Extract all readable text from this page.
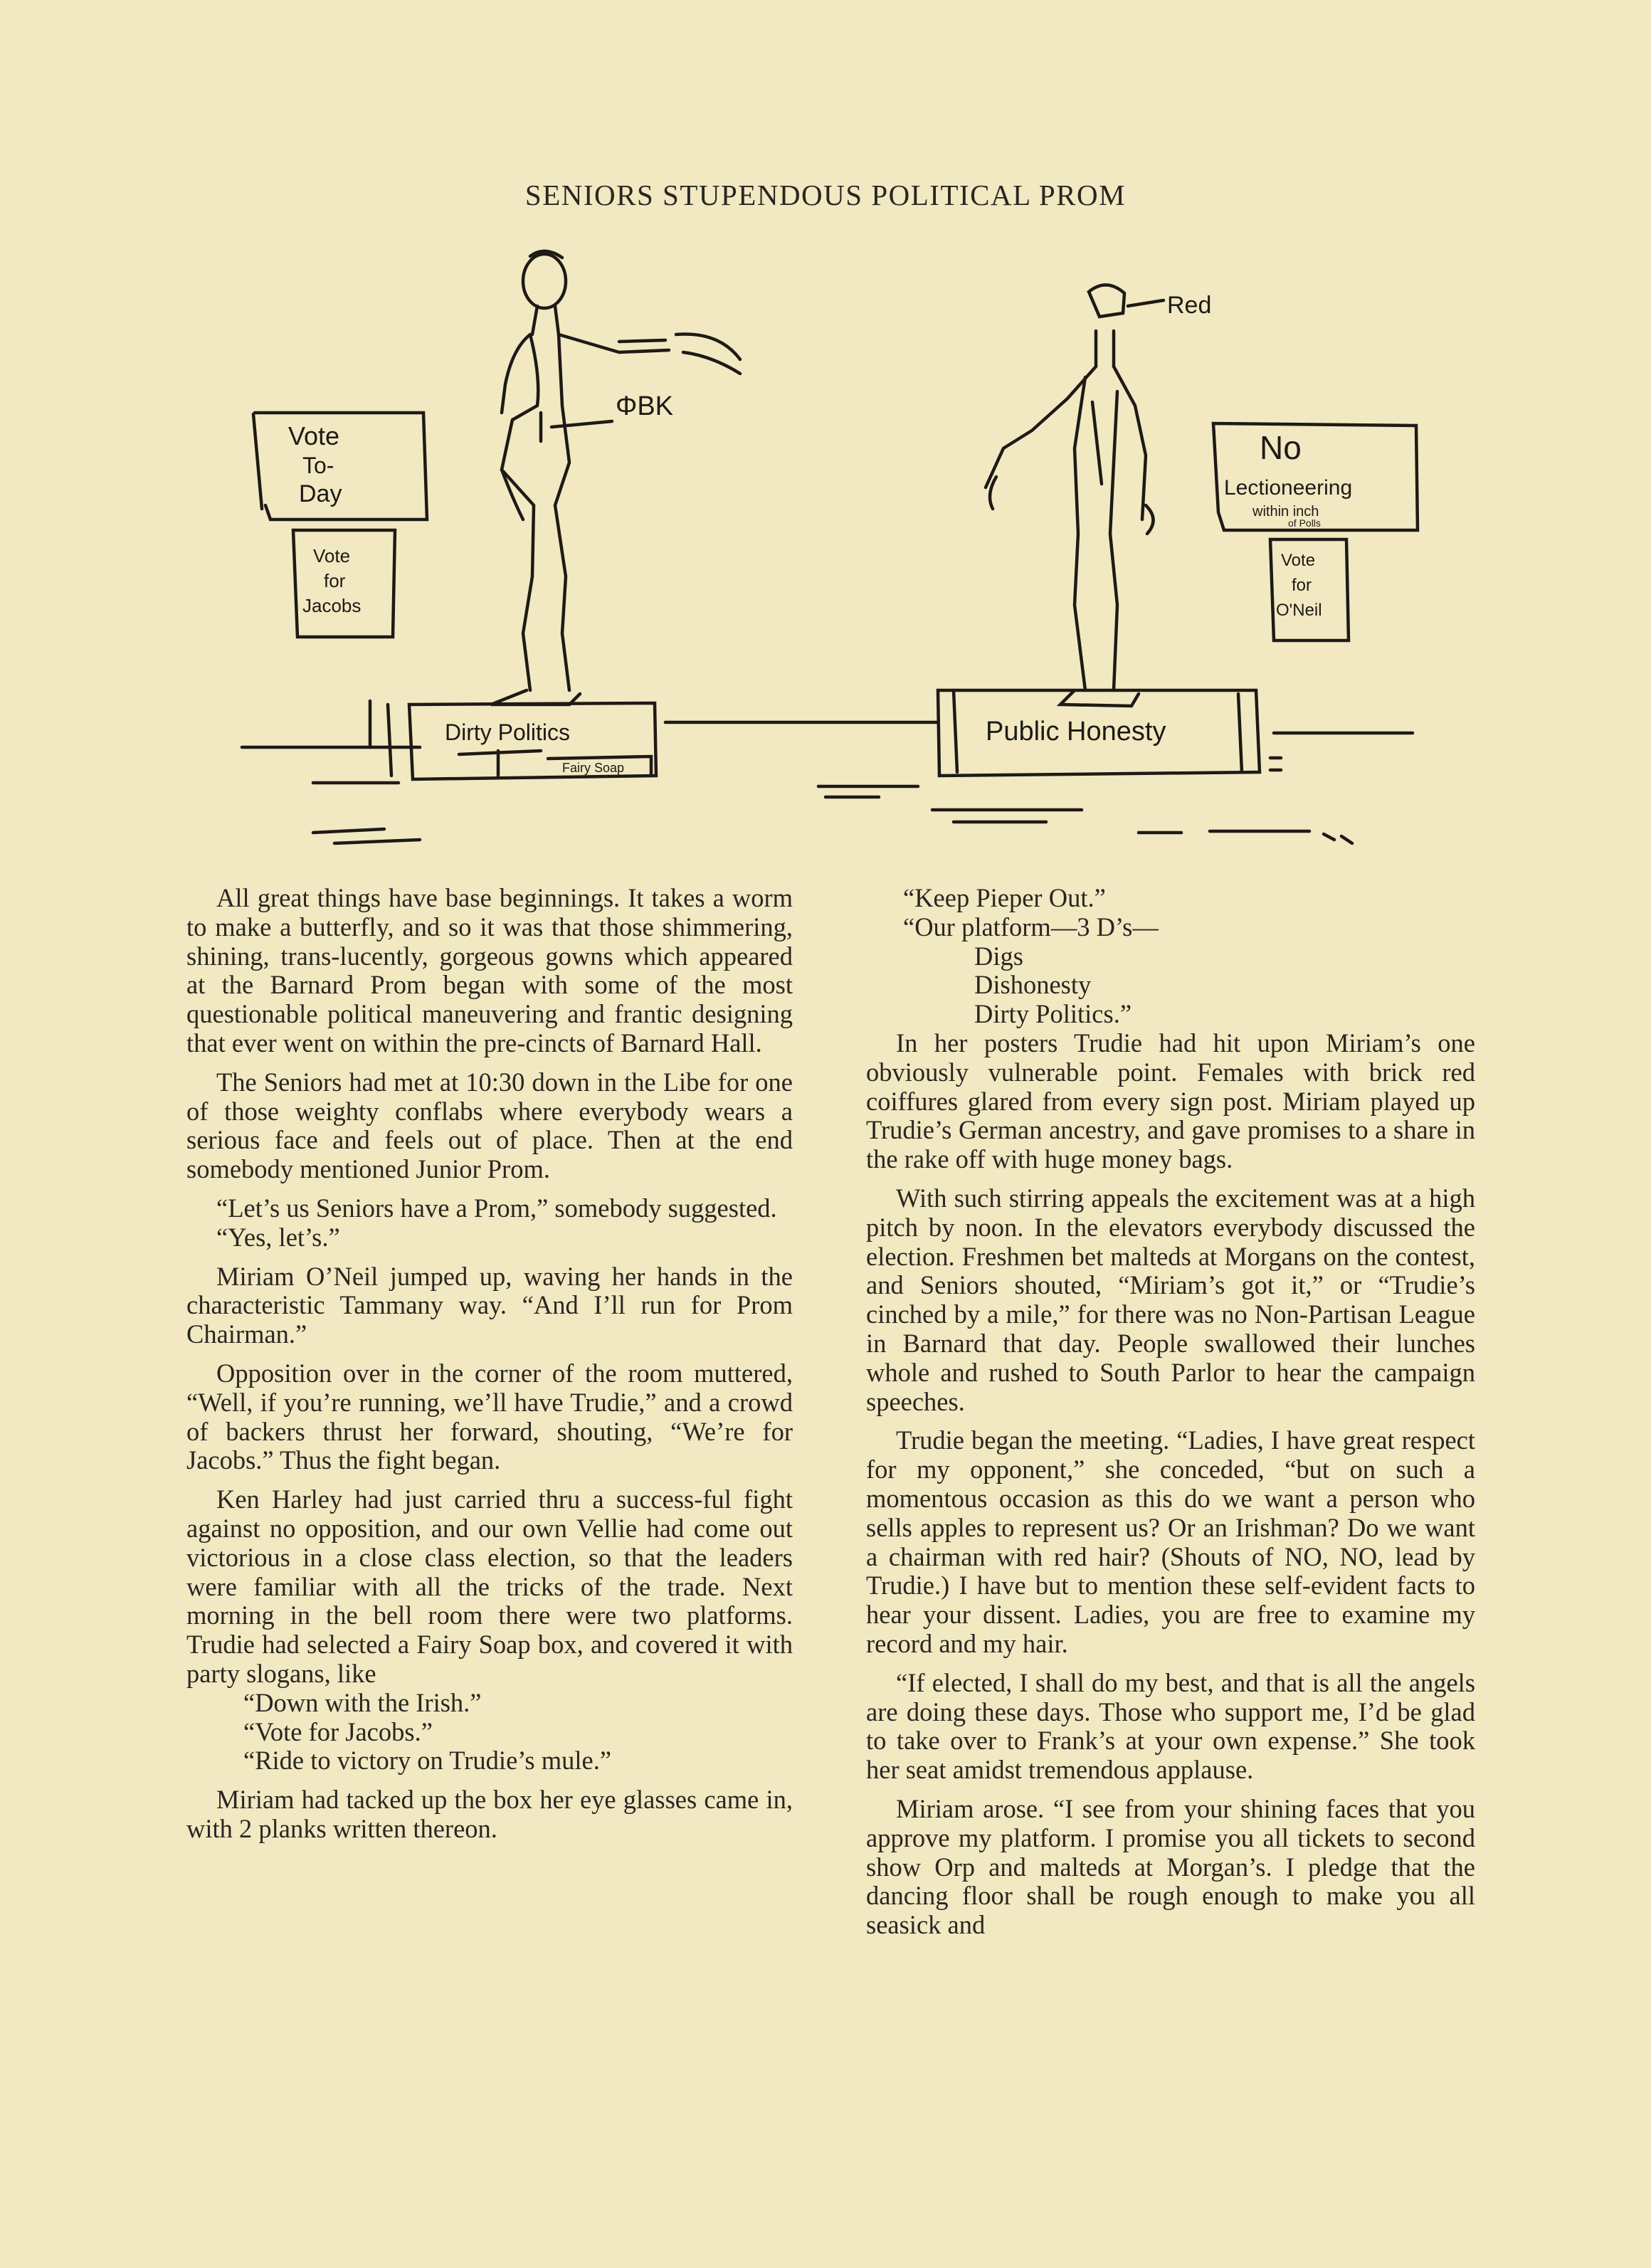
SENIORS STUPENDOUS POLITICAL PROM
Vote
To-
Day
Vote
for
Jacobs
ΦBK
Dirty Politics
Fairy Soap
Red
No
Lectioneering
within inch
of Polls
Vote
for
O'Neil
Public Honesty

All great things have base beginnings. It takes a worm to make a butterfly, and so it was that those shimmering, shining, trans-lucently, gorgeous gowns which appeared at the Barnard Prom began with some of the most questionable political maneuvering and frantic designing that ever went on within the pre-cincts of Barnard Hall.

The Seniors had met at 10:30 down in the Libe for one of those weighty conflabs where everybody wears a serious face and feels out of place. Then at the end somebody mentioned Junior Prom.

“Let’s us Seniors have a Prom,” somebody suggested.

“Yes, let’s.”

Miriam O’Neil jumped up, waving her hands in the characteristic Tammany way. “And I’ll run for Prom Chairman.”

Opposition over in the corner of the room muttered, “Well, if you’re running, we’ll have Trudie,” and a crowd of backers thrust her forward, shouting, “We’re for Jacobs.” Thus the fight began.

Ken Harley had just carried thru a success-ful fight against no opposition, and our own Vellie had come out victorious in a close class election, so that the leaders were familiar with all the tricks of the trade. Next morning in the bell room there were two platforms. Trudie had selected a Fairy Soap box, and covered it with party slogans, like

“Down with the Irish.”
“Vote for Jacobs.”
“Ride to victory on Trudie’s mule.”

Miriam had tacked up the box her eye glasses came in, with 2 planks written thereon.

“Keep Pieper Out.”
“Our platform—3 D’s—
Digs
Dishonesty
Dirty Politics.”

In her posters Trudie had hit upon Miriam’s one obviously vulnerable point. Females with brick red coiffures glared from every sign post. Miriam played up Trudie’s German ancestry, and gave promises to a share in the rake off with huge money bags.

With such stirring appeals the excitement was at a high pitch by noon. In the elevators everybody discussed the election. Freshmen bet malteds at Morgans on the contest, and Seniors shouted, “Miriam’s got it,” or “Trudie’s cinched by a mile,” for there was no Non-Partisan League in Barnard that day. People swallowed their lunches whole and rushed to South Parlor to hear the campaign speeches.

Trudie began the meeting. “Ladies, I have great respect for my opponent,” she conceded, “but on such a momentous occasion as this do we want a person who sells apples to represent us? Or an Irishman? Do we want a chairman with red hair? (Shouts of NO, NO, lead by Trudie.) I have but to mention these self-evident facts to hear your dissent. Ladies, you are free to examine my record and my hair.

“If elected, I shall do my best, and that is all the angels are doing these days. Those who support me, I’d be glad to take over to Frank’s at your own expense.” She took her seat amidst tremendous applause.

Miriam arose. “I see from your shining faces that you approve my platform. I promise you all tickets to second show Orp and malteds at Morgan’s. I pledge that the dancing floor shall be rough enough to make you all seasick and
